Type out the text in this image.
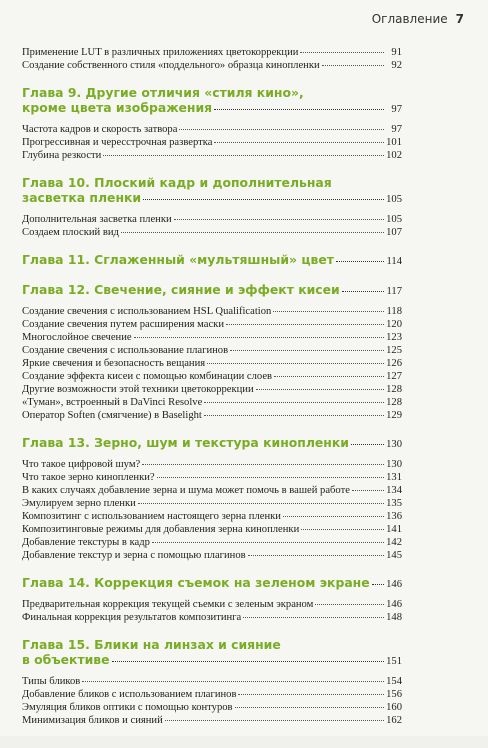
Оглавление 7
Применение LUT в различных приложениях цветокоррекции	91
Создание собственного стиля «поддельного» образца кинопленки	92
Глава 9. Другие отличия «стиля кино»,
кроме цвета изображения	97
Частота кадров и скорость затвора	97
Прогрессивная и чересстрочная развертка	101
Глубина резкости	102
Глава 10. Плоский кадр и дополнительная
засветка пленки	105
Дополнительная засветка пленки	105
Создаем плоский вид	107
Глава 11. Сглаженный «мультяшный» цвет	114
Глава 12. Свечение, сияние и эффект кисеи	117
Создание свечения с использованием HSL Qualification	118
Создание свечения путем расширения маски	120
Многослойное свечение	123
Создание свечения с использование плагинов	125
Яркие свечения и безопасность вещания	126
Создание эффекта кисеи с помощью комбинации слоев	127
Другие возможности этой техники цветокоррекции	128
«Туман», встроенный в DaVinci Resolve	128
Оператор Soften (смягчение) в Baselight	129
Глава 13. Зерно, шум и текстура кинопленки	130
Что такое цифровой шум?	130
Что такое зерно кинопленки?	131
В каких случаях добавление зерна и шума может помочь в вашей работе	134
Эмулируем зерно пленки	135
Композитинг с использованием настоящего зерна пленки	136
Композитинговые режимы для добавления зерна кинопленки	141
Добавление текстуры в кадр	142
Добавление текстур и зерна с помощью плагинов	145
Глава 14. Коррекция съемок на зеленом экране 146
Предварительная коррекция текущей съемки с зеленым экраном	146
Финальная коррекция результатов композитинга	148
Глава 15. Блики на линзах и сияние
в объективе	151
Типы бликов	154
Добавление бликов с использованием плагинов	156
Эмуляция бликов оптики с помощью контуров	160
Минимизация бликов и сияний	162
